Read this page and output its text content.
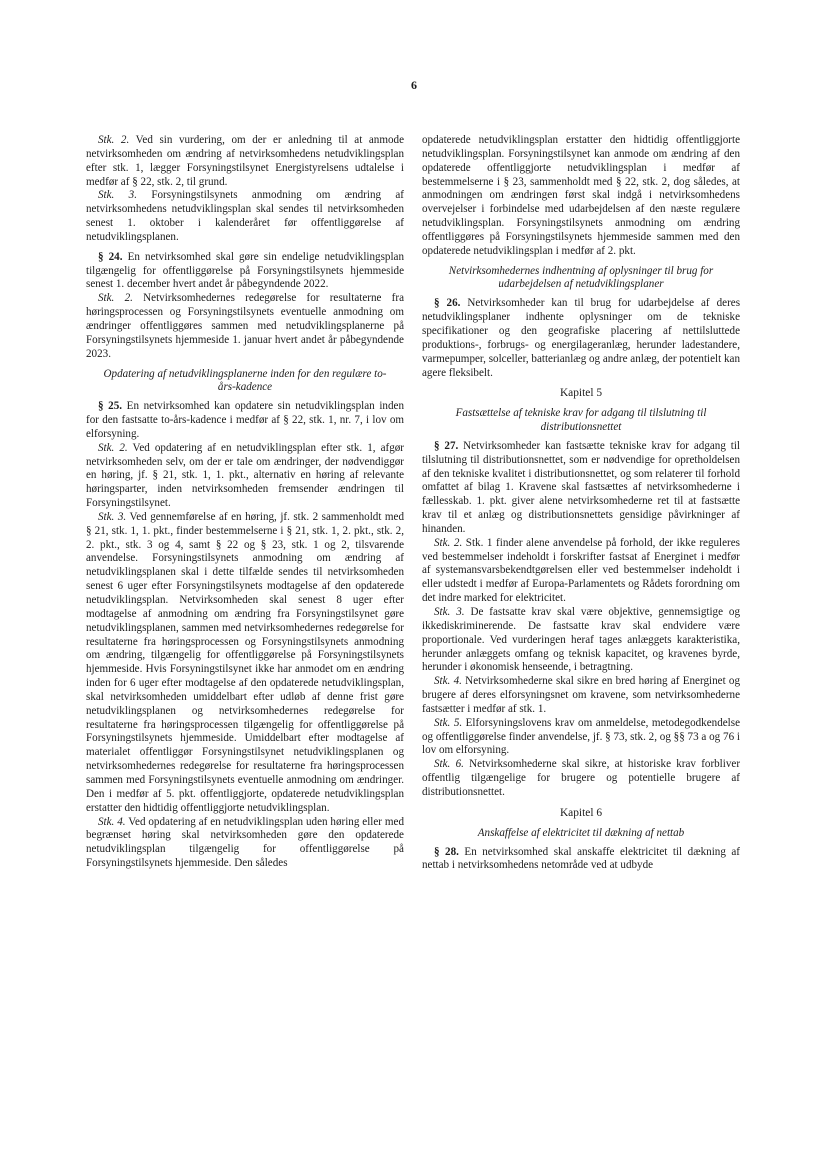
6

Stk. 2. Ved sin vurdering, om der er anledning til at anmode netvirksomheden om ændring af netvirksomhedens netudviklingsplan efter stk. 1, lægger Forsyningstilsynet Energistyrelsens udtalelse i medfør af § 22, stk. 2, til grund.

Stk. 3. Forsyningstilsynets anmodning om ændring af netvirksomhedens netudviklingsplan skal sendes til netvirksomheden senest 1. oktober i kalenderåret før offentliggørelse af netudviklingsplanen.

§ 24. En netvirksomhed skal gøre sin endelige netudviklingsplan tilgængelig for offentliggørelse på Forsyningstilsynets hjemmeside senest 1. december hvert andet år påbegyndende 2022.

Stk. 2. Netvirksomhedernes redegørelse for resultaterne fra høringsprocessen og Forsyningstilsynets eventuelle anmodning om ændringer offentliggøres sammen med netudviklingsplanerne på Forsyningstilsynets hjemmeside 1. januar hvert andet år påbegyndende 2023.

Opdatering af netudviklingsplanerne inden for den regulære to-års-kadence

§ 25. En netvirksomhed kan opdatere sin netudviklingsplan inden for den fastsatte to-års-kadence i medfør af § 22, stk. 1, nr. 7, i lov om elforsyning.

Stk. 2. Ved opdatering af en netudviklingsplan efter stk. 1, afgør netvirksomheden selv, om der er tale om ændringer, der nødvendiggør en høring, jf. § 21, stk. 1, 1. pkt., alternativ en høring af relevante høringsparter, inden netvirksomheden fremsender ændringen til Forsyningstilsynet.

Stk. 3. Ved gennemførelse af en høring, jf. stk. 2 sammenholdt med § 21, stk. 1, 1. pkt., finder bestemmelserne i § 21, stk. 1, 2. pkt., stk. 2, 2. pkt., stk. 3 og 4, samt § 22 og § 23, stk. 1 og 2, tilsvarende anvendelse. Forsyningstilsynets anmodning om ændring af netudviklingsplanen skal i dette tilfælde sendes til netvirksomheden senest 6 uger efter Forsyningstilsynets modtagelse af den opdaterede netudviklingsplan. Netvirksomheden skal senest 8 uger efter modtagelse af anmodning om ændring fra Forsyningstilsynet gøre netudviklingsplanen, sammen med netvirksomhedernes redegørelse for resultaterne fra høringsprocessen og Forsyningstilsynets anmodning om ændring, tilgængelig for offentliggørelse på Forsyningstilsynets hjemmeside. Hvis Forsyningstilsynet ikke har anmodet om en ændring inden for 6 uger efter modtagelse af den opdaterede netudviklingsplan, skal netvirksomheden umiddelbart efter udløb af denne frist gøre netudviklingsplanen og netvirksomhedernes redegørelse for resultaterne fra høringsprocessen tilgængelig for offentliggørelse på Forsyningstilsynets hjemmeside. Umiddelbart efter modtagelse af materialet offentliggør Forsyningstilsynet netudviklingsplanen og netvirksomhedernes redegørelse for resultaterne fra høringsprocessen sammen med Forsyningstilsynets eventuelle anmodning om ændringer. Den i medfør af 5. pkt. offentliggjorte, opdaterede netudviklingsplan erstatter den hidtidig offentliggjorte netudviklingsplan.

Stk. 4. Ved opdatering af en netudviklingsplan uden høring eller med begrænset høring skal netvirksomheden gøre den opdaterede netudviklingsplan tilgængelig for offentliggørelse på Forsyningstilsynets hjemmeside. Den således

opdaterede netudviklingsplan erstatter den hidtidig offentliggjorte netudviklingsplan. Forsyningstilsynet kan anmode om ændring af den opdaterede offentliggjorte netudviklingsplan i medfør af bestemmelserne i § 23, sammenholdt med § 22, stk. 2, dog således, at anmodningen om ændringen først skal indgå i netvirksomhedens overvejelser i forbindelse med udarbejdelsen af den næste regulære netudviklingsplan. Forsyningstilsynets anmodning om ændring offentliggøres på Forsyningstilsynets hjemmeside sammen med den opdaterede netudviklingsplan i medfør af 2. pkt.

Netvirksomhedernes indhentning af oplysninger til brug for udarbejdelsen af netudviklingsplaner

§ 26. Netvirksomheder kan til brug for udarbejdelse af deres netudviklingsplaner indhente oplysninger om de tekniske specifikationer og den geografiske placering af nettilsluttede produktions-, forbrugs- og energilageranlæg, herunder ladestandere, varmepumper, solceller, batterianlæg og andre anlæg, der potentielt kan agere fleksibelt.

Kapitel 5
Fastsættelse af tekniske krav for adgang til tilslutning til distributionsnettet

§ 27. Netvirksomheder kan fastsætte tekniske krav for adgang til tilslutning til distributionsnettet, som er nødvendige for opretholdelsen af den tekniske kvalitet i distributionsnettet, og som relaterer til forhold omfattet af bilag 1. Kravene skal fastsættes af netvirksomhederne i fællesskab. 1. pkt. giver alene netvirksomhederne ret til at fastsætte krav til et anlæg og distributionsnettets gensidige påvirkninger af hinanden.

Stk. 2. Stk. 1 finder alene anvendelse på forhold, der ikke reguleres ved bestemmelser indeholdt i forskrifter fastsat af Energinet i medfør af systemansvarsbekendtgørelsen eller ved bestemmelser indeholdt i eller udstedt i medfør af Europa-Parlamentets og Rådets forordning om det indre marked for elektricitet.

Stk. 3. De fastsatte krav skal være objektive, gennemsigtige og ikkediskriminerende. De fastsatte krav skal endvidere være proportionale. Ved vurderingen heraf tages anlæggets karakteristika, herunder anlæggets omfang og teknisk kapacitet, og kravenes byrde, herunder i økonomisk henseende, i betragtning.

Stk. 4. Netvirksomhederne skal sikre en bred høring af Energinet og brugere af deres elforsyningsnet om kravene, som netvirksomhederne fastsætter i medfør af stk. 1.

Stk. 5. Elforsyningslovens krav om anmeldelse, metodegodkendelse og offentliggørelse finder anvendelse, jf. § 73, stk. 2, og §§ 73 a og 76 i lov om elforsyning.

Stk. 6. Netvirksomhederne skal sikre, at historiske krav forbliver offentlig tilgængelige for brugere og potentielle brugere af distributionsnettet.

Kapitel 6
Anskaffelse af elektricitet til dækning af nettab

§ 28. En netvirksomhed skal anskaffe elektricitet til dækning af nettab i netvirksomhedens netområde ved at udbyde
